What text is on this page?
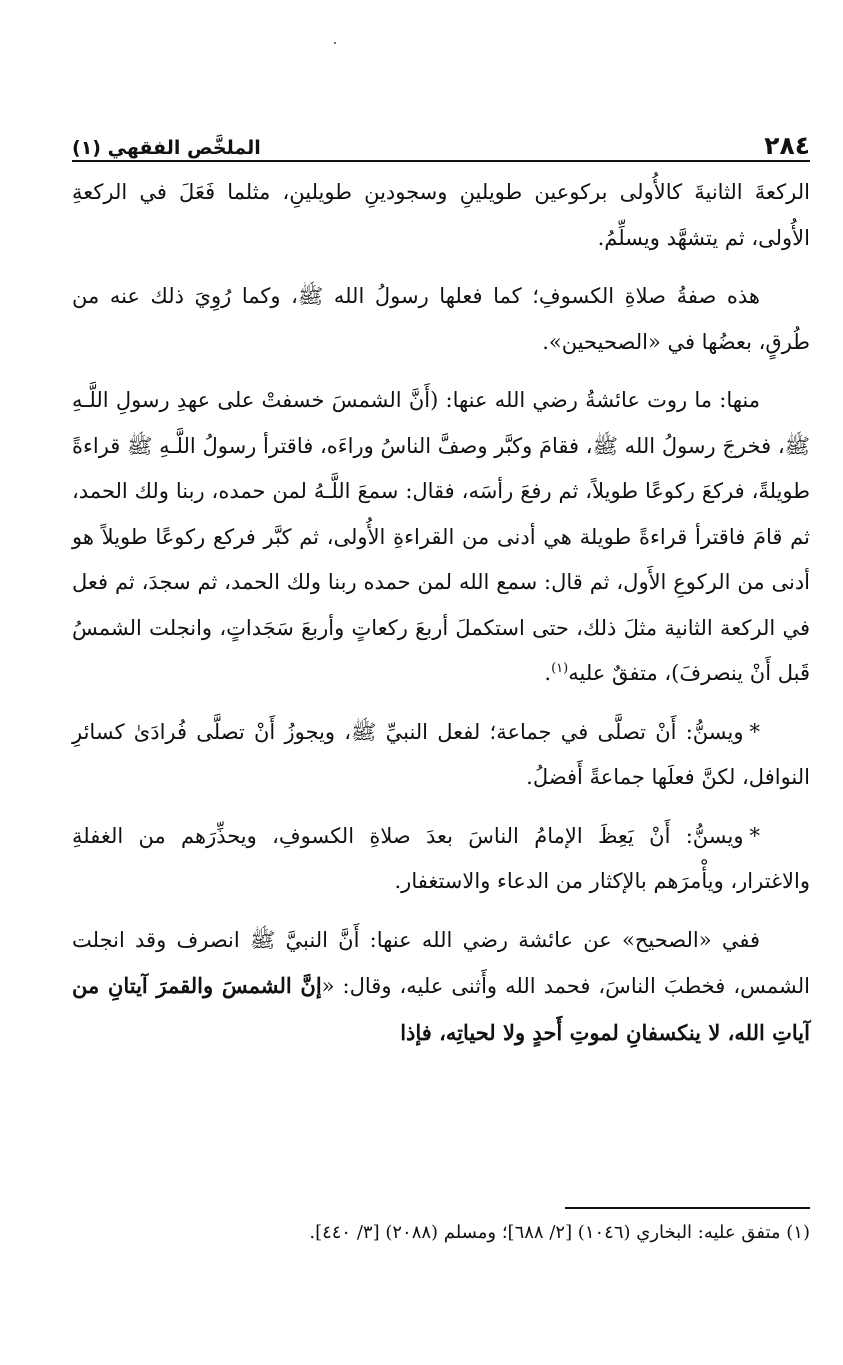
٢٨٤
الملخَّص الفقهي (١)

الركعةَ الثانيةَ كالأُولى بركوعين طويلينِ وسجودينِ طويلينِ، مثلما فَعَلَ في الركعةِ الأُولى، ثم يتشهَّد ويسلِّمُ.

هذه صفةُ صلاةِ الكسوفِ؛ كما فعلها رسولُ الله ﷺ، وكما رُوِيَ ذلك عنه من طُرقٍ، بعضُها في «الصحيحين».

منها: ما روت عائشةُ رضي الله عنها: (أَنَّ الشمسَ خسفتْ على عهدِ رسولِ اللَّـهِ ﷺ، فخرجَ رسولُ الله ﷺ، فقامَ وكبَّر وصفَّ الناسُ وراءَه، فاقترأ رسولُ اللَّـهِ ﷺ قراءةً طويلةً، فركعَ ركوعًا طويلاً، ثم رفعَ رأسَه، فقال: سمعَ اللَّـهُ لمن حمده، ربنا ولك الحمد، ثم قامَ فاقترأ قراءةً طويلة هي أدنى من القراءةِ الأُولى، ثم كبَّر فركع ركوعًا طويلاً هو أدنى من الركوعِ الأَول، ثم قال: سمع الله لمن حمده ربنا ولك الحمد، ثم سجدَ، ثم فعل في الركعة الثانية مثلَ ذلك، حتى استكملَ أربعَ ركعاتٍ وأربعَ سَجَداتٍ، وانجلت الشمسُ قَبل أَنْ ينصرفَ)، متفقٌ عليه$^{(١)}$.

*ويسنُّ: أَنْ تصلَّى في جماعة؛ لفعل النبيِّ ﷺ، ويجوزُ أَنْ تصلَّى فُرادَىٰ كسائرِ النوافل، لكنَّ فعلَها جماعةً أَفضلُ.

*ويسنُّ: أَنْ يَعِظَ الإمامُ الناسَ بعدَ صلاةِ الكسوفِ، ويحذِّرَهم من الغفلةِ والاغترار، ويأْمرَهم بالإكثار من الدعاء والاستغفار.

ففي «الصحيح» عن عائشة رضي الله عنها: أَنَّ النبيَّ ﷺ انصرف وقد انجلت الشمس، فخطبَ الناسَ، فحمد الله وأَثنى عليه، وقال: «إنَّ الشمسَ والقمرَ آيتانِ من آياتِ الله، لا ينكسفانِ لموتِ أَحدٍ ولا لحياتِه، فإذا

(١) متفق عليه: البخاري (١٠٤٦) [٢/ ٦٨٨]؛ ومسلم (٢٠٨٨) [٣/ ٤٤٠].
